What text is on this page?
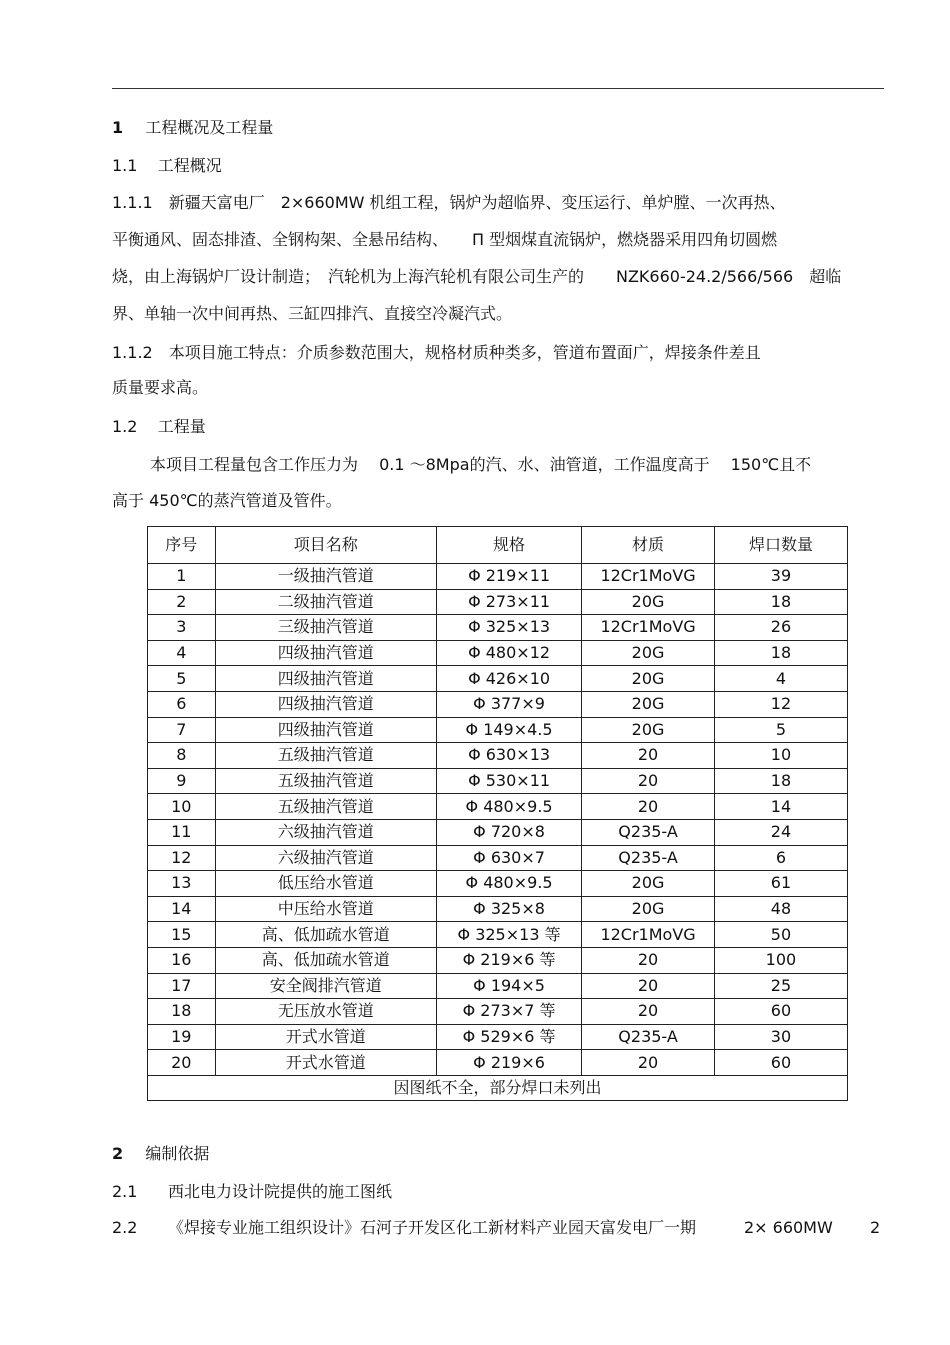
1 工程概况及工程量
1.1 工程概况
1.1.1　新疆天富电厂　2×660MW 机组工程，锅炉为超临界、变压运行、单炉膛、一次再热、
平衡通风、固态排渣、全钢构架、全悬吊结构、　　Π 型烟煤直流锅炉，燃烧器采用四角切圆燃
烧，由上海锅炉厂设计制造；　汽轮机为上海汽轮机有限公司生产的　　NZK660-24.2/566/566　超临
界、单轴一次中间再热、三缸四排汽、直接空冷凝汽式。
1.1.2　本项目施工特点：介质参数范围大，规格材质种类多，管道布置面广，焊接条件差且
质量要求高。
1.2 工程量
本项目工程量包含工作压力为　 0.1 ～8Mpa的汽、水、油管道，工作温度高于　 150℃且不
高于 450℃的蒸汽管道及管件。
序号	项目名称	规格	材质	焊口数量
1	一级抽汽管道	Φ 219×11	12Cr1MoVG	39
2	二级抽汽管道	Φ 273×11	20G	18
3	三级抽汽管道	Φ 325×13	12Cr1MoVG	26
4	四级抽汽管道	Φ 480×12	20G	18
5	四级抽汽管道	Φ 426×10	20G	4
6	四级抽汽管道	Φ 377×9	20G	12
7	四级抽汽管道	Φ 149×4.5	20G	5
8	五级抽汽管道	Φ 630×13	20	10
9	五级抽汽管道	Φ 530×11	20	18
10	五级抽汽管道	Φ 480×9.5	20	14
11	六级抽汽管道	Φ 720×8	Q235-A	24
12	六级抽汽管道	Φ 630×7	Q235-A	6
13	低压给水管道	Φ 480×9.5	20G	61
14	中压给水管道	Φ 325×8	20G	48
15	高、低加疏水管道	Φ 325×13 等	12Cr1MoVG	50
16	高、低加疏水管道	Φ 219×6 等	20	100
17	安全阀排汽管道	Φ 194×5	20	25
18	无压放水管道	Φ 273×7 等	20	60
19	开式水管道	Φ 529×6 等	Q235-A	30
20	开式水管道	Φ 219×6	20	60
因图纸不全，部分焊口未列出				
2 编制依据
2.1 西北电力设计院提供的施工图纸
2.2 《焊接专业施工组织设计》石河子开发区化工新材料产业园天富发电厂一期　　　2× 660MW 2
